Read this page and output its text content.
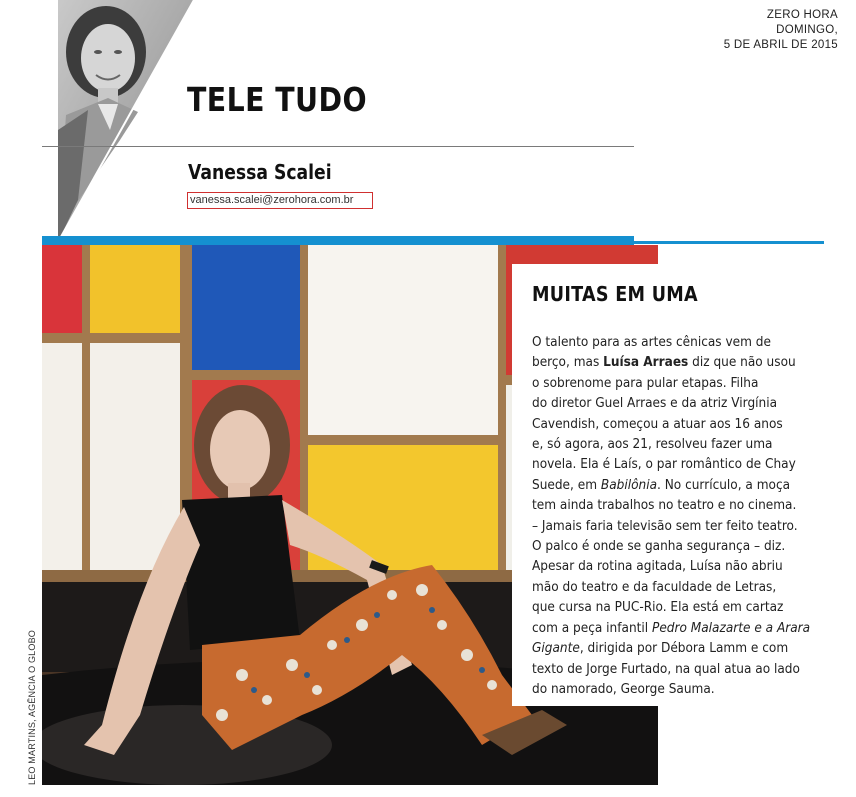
ZERO HORA
DOMINGO,
5 DE ABRIL DE 2015
TELE TUDO
Vanessa Scalei
vanessa.scalei@zerohora.com.br
LEO MARTINS, AGÊNCIA O GLOBO
MUITAS EM UMA
O talento para as artes cênicas vem de
berço, mas Luísa Arraes diz que não usou
o sobrenome para pular etapas. Filha
do diretor Guel Arraes e da atriz Virgínia
Cavendish, começou a atuar aos 16 anos
e, só agora, aos 21, resolveu fazer uma
novela. Ela é Laís, o par romântico de Chay
Suede, em Babilônia. No currículo, a moça
tem ainda trabalhos no teatro e no cinema.
– Jamais faria televisão sem ter feito teatro.
O palco é onde se ganha segurança – diz.
Apesar da rotina agitada, Luísa não abriu
mão do teatro e da faculdade de Letras,
que cursa na PUC-Rio. Ela está em cartaz
com a peça infantil Pedro Malazarte e a Arara
Gigante, dirigida por Débora Lamm e com
texto de Jorge Furtado, na qual atua ao lado
do namorado, George Sauma.
